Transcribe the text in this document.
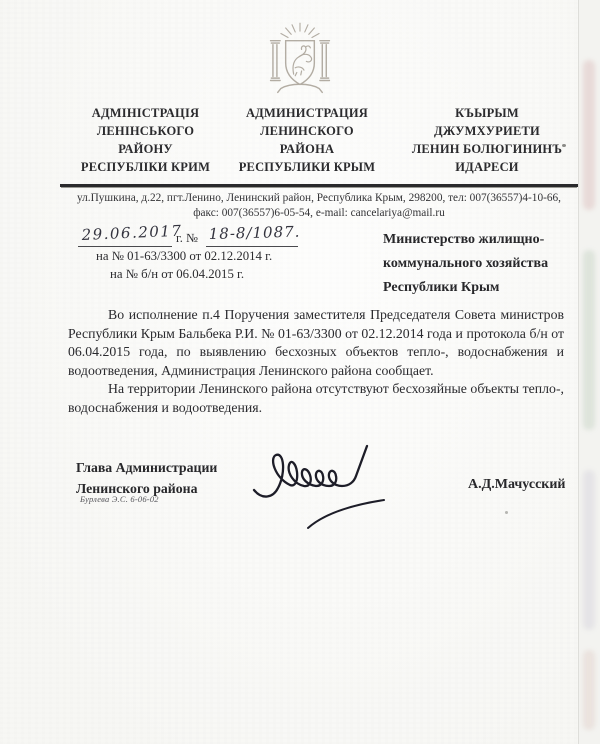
АДМІНІСТРАЦІЯ
ЛЕНІНСЬКОГО
РАЙОНУ
РЕСПУБЛІКИ КРИМ
АДМИНИСТРАЦИЯ
ЛЕНИНСКОГО
РАЙОНА
РЕСПУБЛИКИ КРЫМ
КЪЫРЫМ
ДЖУМХУРИЕТИ
ЛЕНИН БОЛЮГИНИНЪ
ИДАРЕСИ
ул.Пушкина, д.22, пгт.Ленино, Ленинский район, Республика Крым, 298200, тел: 007(36557)4-10-66,
факс: 007(36557)6-05-54, e-mail: cancelariya@mail.ru
29.06.2017
г. № 18-8/1087.
на № 01-63/3300 от 02.12.2014 г.
на № б/н от 06.04.2015 г.
Министерство жилищно-
коммунального хозяйства
Республики Крым

Во исполнение п.4 Поручения заместителя Председателя Совета министров Республики Крым Бальбека Р.И. № 01-63/3300 от 02.12.2014 года и протокола б/н от 06.04.2015 года, по выявлению бесхозных объектов тепло-, водоснабжения и водоотведения, Администрация Ленинского района сообщает.

На территории Ленинского района отсутствуют бесхозяйные объекты тепло-, водоснабжения и водоотведения.

Глава Администрации
Ленинского района
Бурлева Э.С. 6-06-02
А.Д.Мачусский
